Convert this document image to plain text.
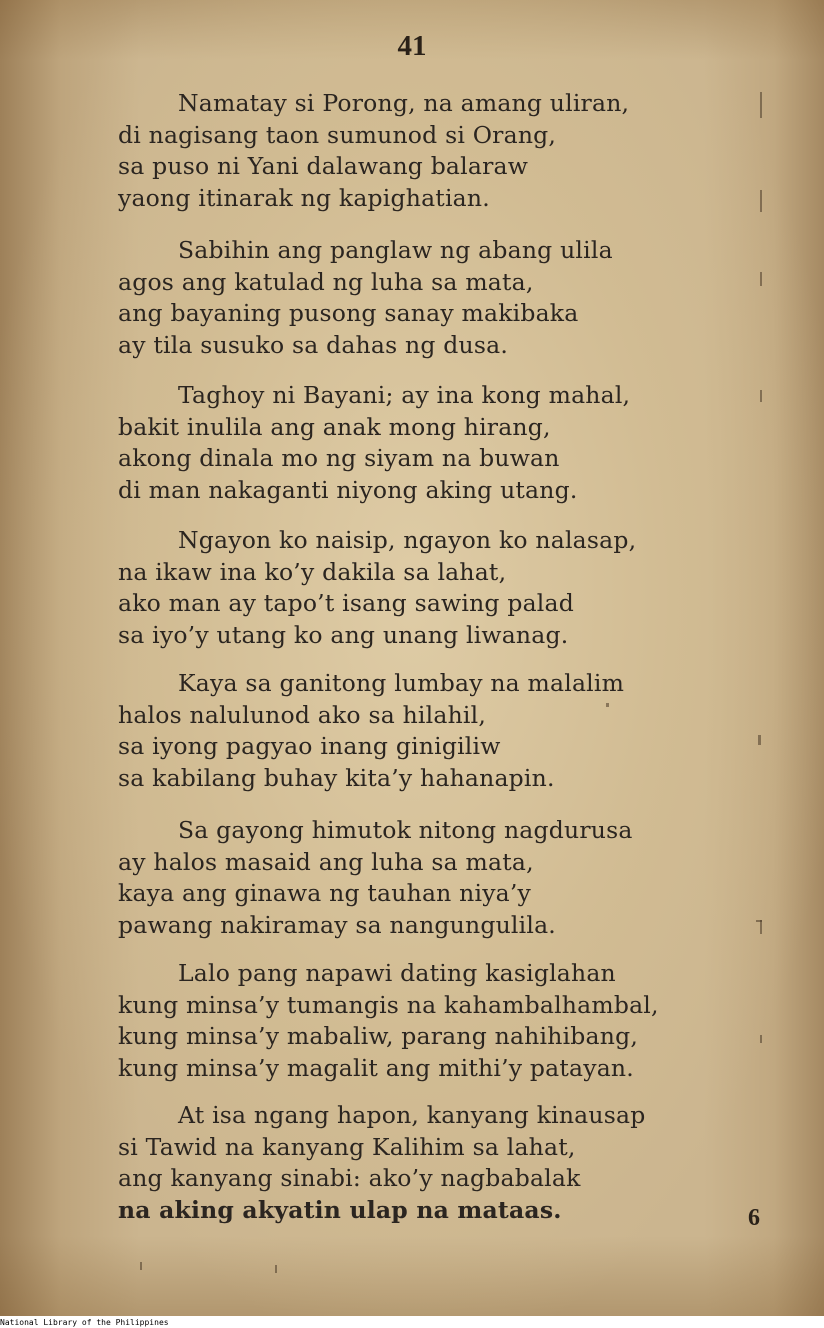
41
Namatay si Porong, na amang uliran,
di nagisang taon sumunod si Orang,
sa puso ni Yani dalawang balaraw
yaong itinarak ng kapighatian.
Sabihin ang panglaw ng abang ulila
agos ang katulad ng luha sa mata,
ang bayaning pusong sanay makibaka
ay tila susuko sa dahas ng dusa.
Taghoy ni Bayani; ay ina kong mahal,
bakit inulila ang anak mong hirang,
akong dinala mo ng siyam na buwan
di man nakaganti niyong aking utang.
Ngayon ko naisip, ngayon ko nalasap,
na ikaw ina ko’y dakila sa lahat,
ako man ay tapo’t isang sawing palad
sa iyo’y utang ko ang unang liwanag.
Kaya sa ganitong lumbay na malalim
halos nalulunod ako sa hilahil,
sa iyong pagyao inang ginigiliw
sa kabilang buhay kita’y hahanapin.
Sa gayong himutok nitong nagdurusa
ay halos masaid ang luha sa mata,
kaya ang ginawa ng tauhan niya’y
pawang nakiramay sa nangungulila.
Lalo pang napawi dating kasiglahan
kung minsa’y tumangis na kahambalhambal,
kung minsa’y mabaliw, parang nahihibang,
kung minsa’y magalit ang mithi’y patayan.
At isa ngang hapon, kanyang kinausap
si Tawid na kanyang Kalihim sa lahat,
ang kanyang sinabi: ako’y nagbabalak
na aking akyatin ulap na mataas.	6
National Library of the Philippines
